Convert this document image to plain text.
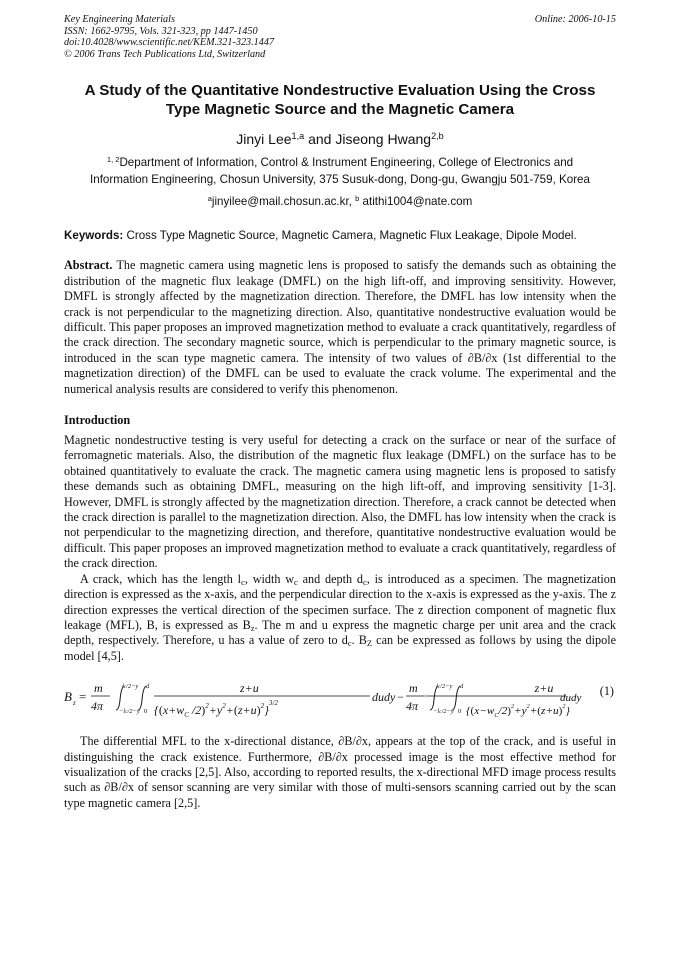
Key Engineering Materials
ISSN: 1662-9795, Vols. 321-323, pp 1447-1450
doi:10.4028/www.scientific.net/KEM.321-323.1447
© 2006 Trans Tech Publications Ltd, Switzerland
Online: 2006-10-15
A Study of the Quantitative Nondestructive Evaluation Using the Cross
Type Magnetic Source and the Magnetic Camera
Jinyi Lee$^{1,a}$ and Jiseong Hwang$^{2,b}$
$^{1, 2}$Department of Information, Control & Instrument Engineering, College of Electronics and
Information Engineering, Chosun University, 375 Susuk-dong, Dong-gu, Gwangju 501-759, Korea
$^a$jinyilee@mail.chosun.ac.kr, $^b$ atithi1004@nate.com
Keywords: Cross Type Magnetic Source, Magnetic Camera, Magnetic Flux Leakage, Dipole Model.

Abstract. The magnetic camera using magnetic lens is proposed to satisfy the demands such as obtaining the distribution of the magnetic flux leakage (DMFL) on the high lift-off, and improving sensitivity. However, DMFL is strongly affected by the magnetization direction. Therefore, the DMFL has low intensity when the crack is not perpendicular to the magnetizing direction. Also, quantitative nondestructive evaluation would be difficult. This paper proposes an improved magnetization method to evaluate a crack quantitatively, regardless of the crack direction. The secondary magnetic source, which is perpendicular to the primary magnetic source, is introduced in the scan type magnetic camera. The intensity of two values of ∂B/∂x (1st differential to the magnetization direction) of the DMFL can be used to evaluate the crack volume. The experimental and the numerical analysis results are considered to verify this phenomenon.

Introduction

Magnetic nondestructive testing is very useful for detecting a crack on the surface or near of the surface of ferromagnetic materials. Also, the distribution of the magnetic flux leakage (DMFL) on the surface has to be obtained quantitatively to evaluate the crack. The magnetic camera using magnetic lens is proposed to satisfy these demands such as obtaining DMFL, measuring on the high lift-off, and improving sensitivity [1-3]. However, DMFL is strongly affected by the magnetization direction. Therefore, a crack cannot be detected when the crack direction is parallel to the magnetization direction. Also, the DMFL has low intensity when the crack is not perpendicular to the magnetizing direction, and therefore, quantitative nondestructive evaluation would be difficult. This paper proposes an improved magnetization method to evaluate a crack quantitatively, regardless of the crack direction.

A crack, which has the length $l_c$, width $w_c$ and depth $d_c$, is introduced as a specimen. The magnetization direction is expressed as the x-axis, and the perpendicular direction to the x-axis is expressed as the y-axis. The z direction expresses the vertical direction of the specimen surface. The z direction component of magnetic flux leakage (MFL), B, is expressed as $B_z$. The m and u express the magnetic charge per unit area and the crack depth, respectively. Therefore, u has a value of zero to $d_c$. $B_Z$ can be expressed as follows by using the dipole model [4,5].

B z =
m
4π
lc/2−y
−lc/2−y
d
0
z+u
{($x+w_C$ $/2)^2+y^2+(z+u)^2\}^{3/2}$	dudy −
m
4π
lc/2−y
−lc/2−y
d
0
z+u
$\{(x-w_C/2)^2+y^2+(z+u)^2\}$
dudy (1)

The differential MFL to the x-directional distance, ∂B/∂x, appears at the top of the crack, and is useful in distinguishing the crack existence. Furthermore, ∂B/∂x processed image is the most effective method for visualization of the cracks [2,5]. Also, according to reported results, the x-directional MFD image process results such as ∂B/∂x of sensor scanning are very similar with those of multi-sensors scanning carried out by the scan type magnetic camera [2,5].
